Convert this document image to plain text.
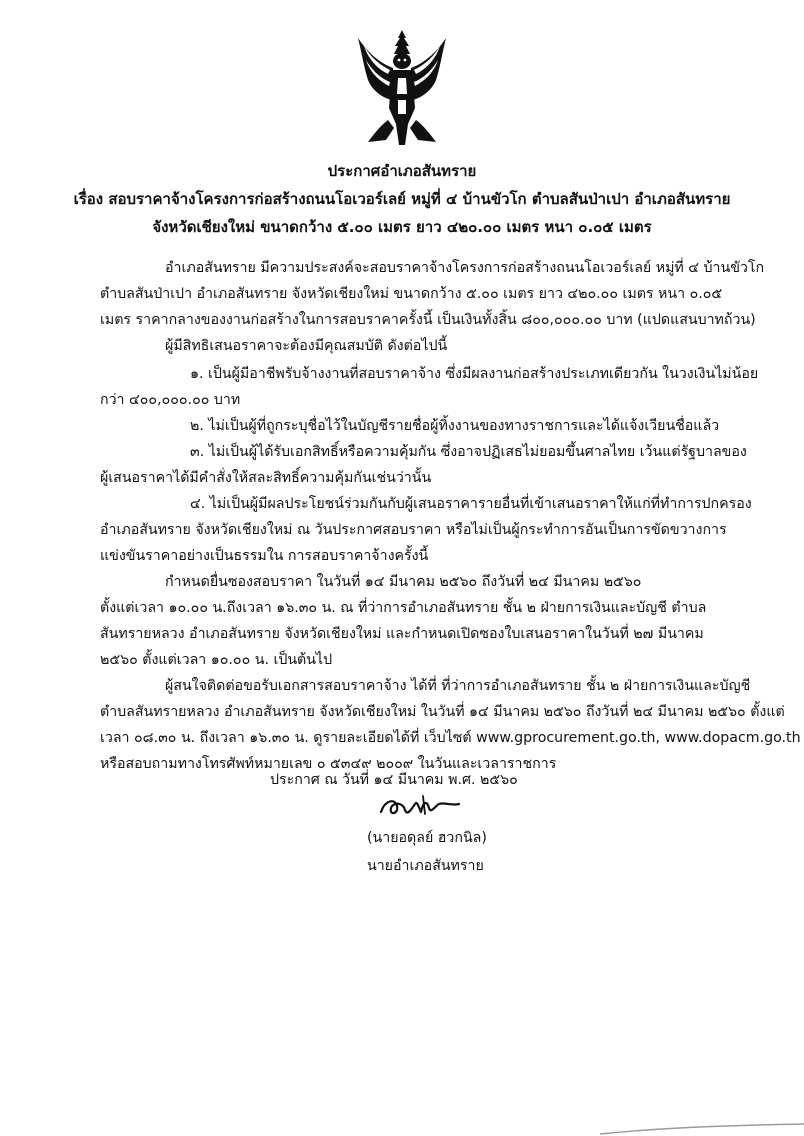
ประกาศอำเภอสันทราย
เรื่อง สอบราคาจ้างโครงการก่อสร้างถนนโอเวอร์เลย์ หมู่ที่ ๔ บ้านขัวโก ตำบลสันป่าเปา อำเภอสันทราย
จังหวัดเชียงใหม่ ขนาดกว้าง ๕.๐๐ เมตร ยาว ๔๒๐.๐๐ เมตร หนา ๐.๐๕ เมตร
อำเภอสันทราย มีความประสงค์จะสอบราคาจ้างโครงการก่อสร้างถนนโอเวอร์เลย์ หมู่ที่ ๔ บ้านขัวโก
ตำบลสันป่าเปา อำเภอสันทราย จังหวัดเชียงใหม่ ขนาดกว้าง ๕.๐๐ เมตร ยาว ๔๒๐.๐๐ เมตร หนา ๐.๐๕
เมตร ราคากลางของงานก่อสร้างในการสอบราคาครั้งนี้ เป็นเงินทั้งสิ้น ๘๐๐,๐๐๐.๐๐ บาท (แปดแสนบาทถ้วน)
ผู้มีสิทธิเสนอราคาจะต้องมีคุณสมบัติ ดังต่อไปนี้
๑. เป็นผู้มีอาชีพรับจ้างงานที่สอบราคาจ้าง ซึ่งมีผลงานก่อสร้างประเภทเดียวกัน ในวงเงินไม่น้อย
กว่า ๔๐๐,๐๐๐.๐๐ บาท
๒. ไม่เป็นผู้ที่ถูกระบุชื่อไว้ในบัญชีรายชื่อผู้ทิ้งงานของทางราชการและได้แจ้งเวียนชื่อแล้ว
๓. ไม่เป็นผู้ได้รับเอกสิทธิ์หรือความคุ้มกัน ซึ่งอาจปฏิเสธไม่ยอมขึ้นศาลไทย เว้นแต่รัฐบาลของ
ผู้เสนอราคาได้มีคำสั่งให้สละสิทธิ์ความคุ้มกันเช่นว่านั้น
๔. ไม่เป็นผู้มีผลประโยชน์ร่วมกันกับผู้เสนอราคารายอื่นที่เข้าเสนอราคาให้แก่ที่ทำการปกครอง
อำเภอสันทราย จังหวัดเชียงใหม่ ณ วันประกาศสอบราคา หรือไม่เป็นผู้กระทำการอันเป็นการขัดขวางการ
แข่งขันราคาอย่างเป็นธรรมใน การสอบราคาจ้างครั้งนี้
กำหนดยื่นซองสอบราคา ในวันที่ ๑๔ มีนาคม ๒๕๖๐ ถึงวันที่ ๒๔ มีนาคม ๒๕๖๐
ตั้งแต่เวลา ๑๐.๐๐ น.ถึงเวลา ๑๖.๓๐ น. ณ ที่ว่าการอำเภอสันทราย ชั้น ๒ ฝ่ายการเงินและบัญชี ตำบล
สันทรายหลวง อำเภอสันทราย จังหวัดเชียงใหม่ และกำหนดเปิดซองใบเสนอราคาในวันที่ ๒๗ มีนาคม
๒๕๖๐ ตั้งแต่เวลา ๑๐.๐๐ น. เป็นต้นไป
ผู้สนใจติดต่อขอรับเอกสารสอบราคาจ้าง ได้ที่ ที่ว่าการอำเภอสันทราย ชั้น ๒ ฝ่ายการเงินและบัญชี
ตำบลสันทรายหลวง อำเภอสันทราย จังหวัดเชียงใหม่ ในวันที่ ๑๔ มีนาคม ๒๕๖๐ ถึงวันที่ ๒๔ มีนาคม ๒๕๖๐ ตั้งแต่
เวลา ๐๘.๓๐ น. ถึงเวลา ๑๖.๓๐ น. ดูรายละเอียดได้ที่ เว็บไซต์ www.gprocurement.go.th, www.dopacm.go.th
หรือสอบถามทางโทรศัพท์หมายเลข ๐ ๕๓๔๙ ๒๐๐๙ ในวันและเวลาราชการ
ประกาศ ณ วันที่ ๑๔ มีนาคม พ.ศ. ๒๕๖๐
(นายอดุลย์ ฮวกนิล)
นายอำเภอสันทราย
